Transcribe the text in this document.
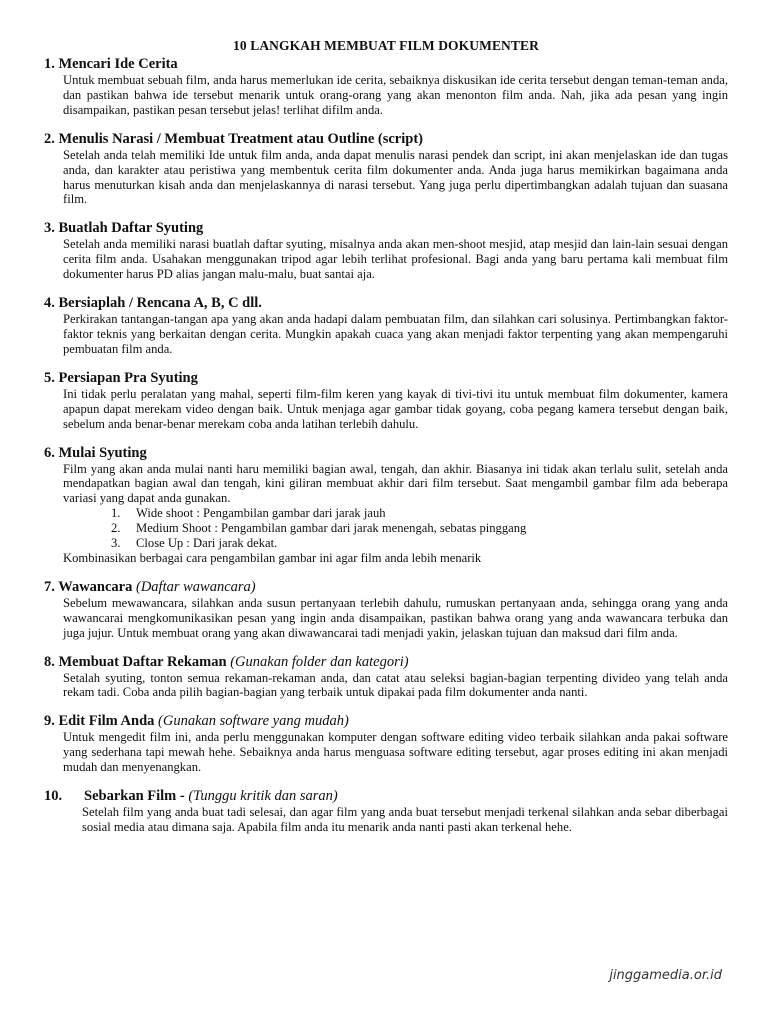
10 LANGKAH MEMBUAT FILM DOKUMENTER
1. Mencari Ide Cerita
Untuk membuat sebuah film, anda harus memerlukan ide cerita, sebaiknya diskusikan ide cerita tersebut dengan teman-teman anda, dan pastikan bahwa ide tersebut menarik untuk orang-orang yang akan menonton film anda. Nah, jika ada pesan yang ingin disampaikan, pastikan pesan tersebut jelas! terlihat difilm anda.
2. Menulis Narasi / Membuat Treatment atau Outline (script)
Setelah anda telah memiliki Ide untuk film anda, anda dapat menulis narasi pendek dan script, ini akan menjelaskan ide dan tugas anda, dan karakter atau peristiwa yang membentuk cerita film dokumenter anda. Anda juga harus memikirkan bagaimana anda harus menuturkan kisah anda dan menjelaskannya di narasi tersebut. Yang juga perlu dipertimbangkan adalah tujuan dan suasana film.
3. Buatlah Daftar Syuting
Setelah anda memiliki narasi buatlah daftar syuting, misalnya anda akan men-shoot mesjid, atap mesjid dan lain-lain sesuai dengan cerita film anda. Usahakan menggunakan tripod agar lebih terlihat profesional. Bagi anda yang baru pertama kali membuat film dokumenter harus PD alias jangan malu-malu, buat santai aja.
4. Bersiaplah / Rencana A, B, C dll.
Perkirakan tantangan-tangan apa yang akan anda hadapi dalam pembuatan film, dan silahkan cari solusinya. Pertimbangkan faktor-faktor teknis yang berkaitan dengan cerita. Mungkin apakah cuaca yang akan menjadi faktor terpenting yang akan mempengaruhi pembuatan film anda.
5. Persiapan Pra Syuting
Ini tidak perlu peralatan yang mahal, seperti film-film keren yang kayak di tivi-tivi itu untuk membuat film dokumenter, kamera apapun dapat merekam video dengan baik. Untuk menjaga agar gambar tidak goyang, coba pegang kamera tersebut dengan baik, sebelum anda benar-benar merekam coba anda latihan terlebih dahulu.
6. Mulai Syuting
Film yang akan anda mulai nanti haru memiliki bagian awal, tengah, dan akhir. Biasanya ini tidak akan terlalu sulit, setelah anda mendapatkan bagian awal dan tengah, kini giliran membuat akhir dari film tersebut. Saat mengambil gambar film ada beberapa variasi yang dapat anda gunakan.
1.	Wide shoot : Pengambilan gambar dari jarak jauh
2.	Medium Shoot : Pengambilan gambar dari jarak menengah, sebatas pinggang
3.	Close Up : Dari jarak dekat.
Kombinasikan berbagai cara pengambilan gambar ini agar film anda lebih menarik
7. Wawancara (Daftar wawancara)
Sebelum mewawancara, silahkan anda susun pertanyaan terlebih dahulu, rumuskan pertanyaan anda, sehingga orang yang anda wawancarai mengkomunikasikan pesan yang ingin anda disampaikan, pastikan bahwa orang yang anda wawancara terbuka dan juga jujur. Untuk membuat orang yang akan diwawancarai tadi menjadi yakin, jelaskan tujuan dan maksud dari film anda.
8. Membuat Daftar Rekaman (Gunakan folder dan kategori)
Setalah syuting, tonton semua rekaman-rekaman anda, dan catat atau seleksi bagian-bagian terpenting divideo yang telah anda rekam tadi. Coba anda pilih bagian-bagian yang terbaik untuk dipakai pada film dokumenter anda nanti.
9. Edit Film Anda (Gunakan software yang mudah)
Untuk mengedit film ini, anda perlu menggunakan komputer dengan software editing video terbaik silahkan anda pakai software yang sederhana tapi mewah hehe. Sebaiknya anda harus menguasa software editing tersebut, agar proses editing ini akan menjadi mudah dan menyenangkan.
10. Sebarkan Film - (Tunggu kritik dan saran)
Setelah film yang anda buat tadi selesai, dan agar film yang anda buat tersebut menjadi terkenal silahkan anda sebar diberbagai sosial media atau dimana saja. Apabila film anda itu menarik anda nanti pasti akan terkenal hehe.
jinggamedia.or.id
